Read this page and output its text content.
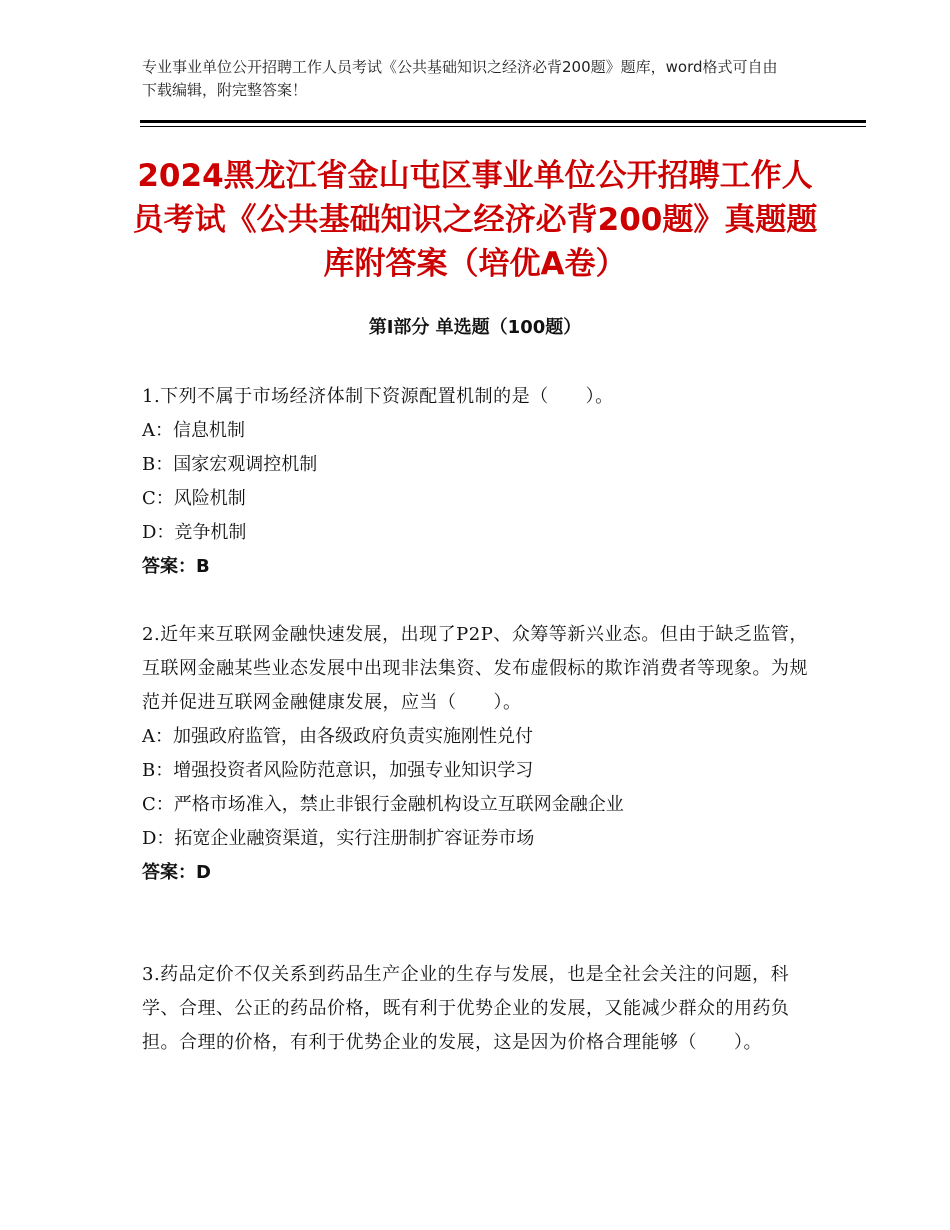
专业事业单位公开招聘工作人员考试《公共基础知识之经济必背200题》题库，word格式可自由下载编辑，附完整答案！
2024黑龙江省金山屯区事业单位公开招聘工作人员考试《公共基础知识之经济必背200题》真题题库附答案（培优A卷）
第I部分 单选题（100题）

1.下列不属于市场经济体制下资源配置机制的是（　　）。

A：信息机制

B：国家宏观调控机制

C：风险机制

D：竞争机制

答案：B

2.近年来互联网金融快速发展，出现了P2P、众筹等新兴业态。但由于缺乏监管，互联网金融某些业态发展中出现非法集资、发布虚假标的欺诈消费者等现象。为规范并促进互联网金融健康发展，应当（　　）。

A：加强政府监管，由各级政府负责实施刚性兑付

B：增强投资者风险防范意识，加强专业知识学习

C：严格市场准入，禁止非银行金融机构设立互联网金融企业

D：拓宽企业融资渠道，实行注册制扩容证券市场

答案：D

3.药品定价不仅关系到药品生产企业的生存与发展，也是全社会关注的问题，科学、合理、公正的药品价格，既有利于优势企业的发展，又能减少群众的用药负担。合理的价格，有利于优势企业的发展，这是因为价格合理能够（　　）。
